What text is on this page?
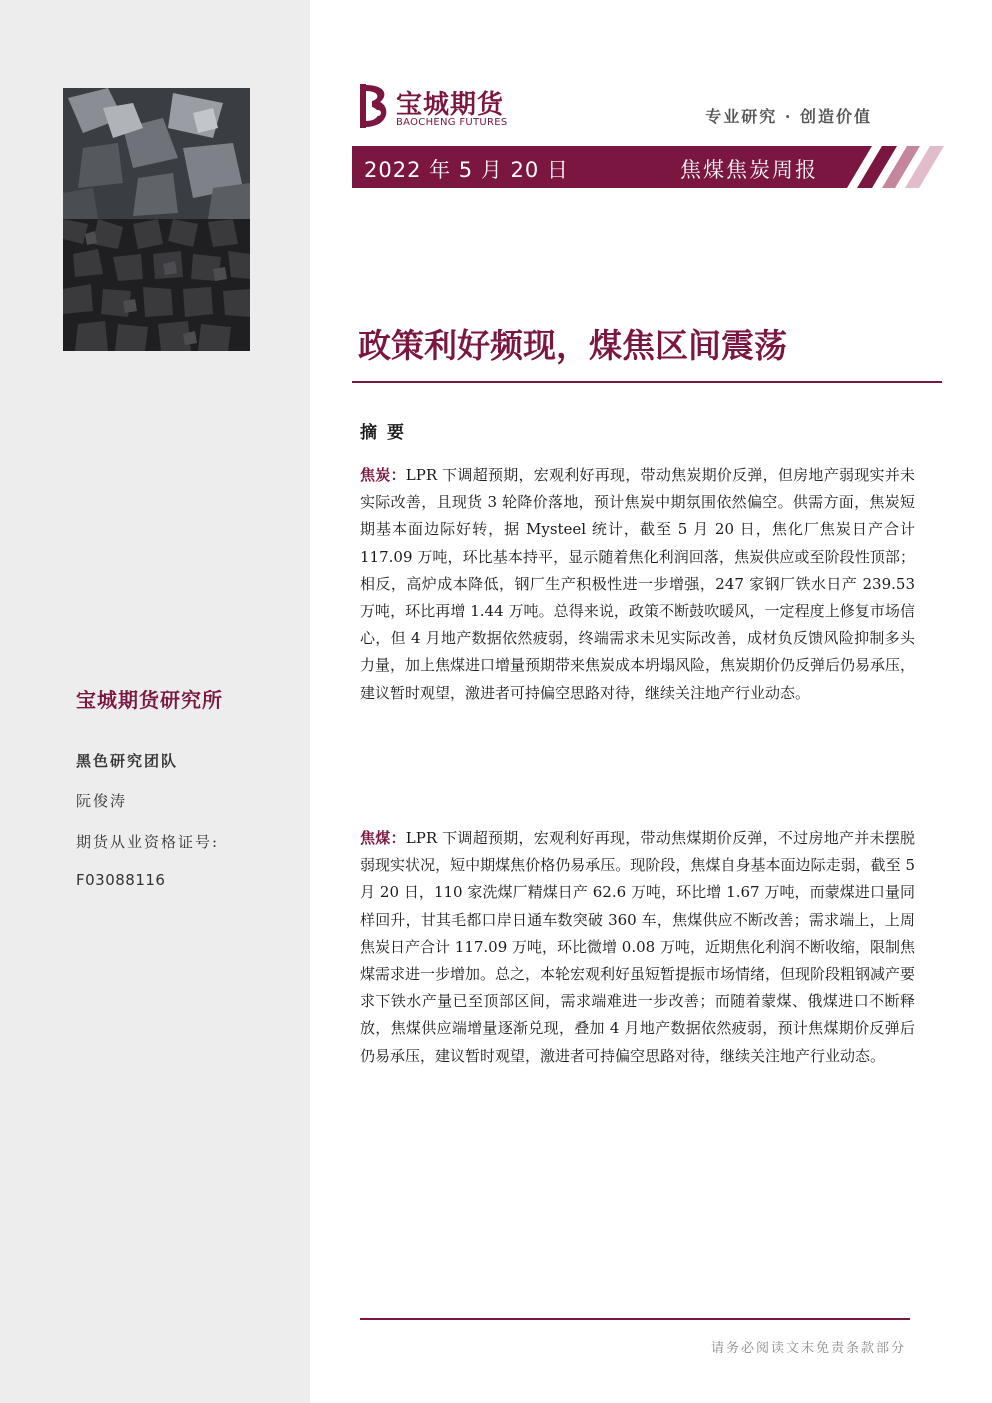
宝城期货研究所
黑色研究团队
阮俊涛
期货从业资格证号:
F03088116
宝城期货
BAOCHENG FUTURES	专业研究 · 创造价值
2022 年 5 月 20 日	焦煤焦炭周报
政策利好频现，煤焦区间震荡
摘要

焦炭：LPR 下调超预期，宏观利好再现，带动焦炭期价反弹，但房地产弱现实并未实际改善，且现货 3 轮降价落地，预计焦炭中期氛围依然偏空。供需方面，焦炭短期基本面边际好转，据 Mysteel 统计，截至 5 月 20 日，焦化厂焦炭日产合计 117.09 万吨，环比基本持平，显示随着焦化利润回落，焦炭供应或至阶段性顶部；相反，高炉成本降低，钢厂生产积极性进一步增强，247 家钢厂铁水日产 239.53 万吨，环比再增 1.44 万吨。总得来说，政策不断鼓吹暖风，一定程度上修复市场信心，但 4 月地产数据依然疲弱，终端需求未见实际改善，成材负反馈风险抑制多头力量，加上焦煤进口增量预期带来焦炭成本坍塌风险，焦炭期价仍反弹后仍易承压，建议暂时观望，激进者可持偏空思路对待，继续关注地产行业动态。

焦煤：LPR 下调超预期，宏观利好再现，带动焦煤期价反弹，不过房地产并未摆脱弱现实状况，短中期煤焦价格仍易承压。现阶段，焦煤自身基本面边际走弱，截至 5 月 20 日，110 家洗煤厂精煤日产 62.6 万吨，环比增 1.67 万吨，而蒙煤进口量同样回升，甘其毛都口岸日通车数突破 360 车，焦煤供应不断改善；需求端上，上周焦炭日产合计 117.09 万吨，环比微增 0.08 万吨，近期焦化利润不断收缩，限制焦煤需求进一步增加。总之，本轮宏观利好虽短暂提振市场情绪，但现阶段粗钢减产要求下铁水产量已至顶部区间，需求端难进一步改善；而随着蒙煤、俄煤进口不断释放，焦煤供应端增量逐渐兑现，叠加 4 月地产数据依然疲弱，预计焦煤期价反弹后仍易承压，建议暂时观望，激进者可持偏空思路对待，继续关注地产行业动态。

请务必阅读文末免责条款部分
